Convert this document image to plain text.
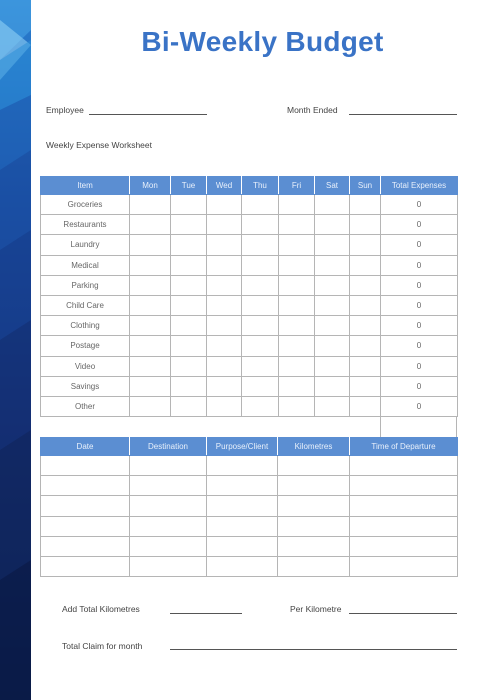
Bi-Weekly Budget
Employee	Month Ended
Weekly Expense Worksheet
Item	Mon	Tue	Wed	Thu	Fri	Sat	Sun	Total Expenses
Groceries								0
Restaurants								0
Laundry								0
Medical								0
Parking								0
Child Care								0
Clothing								0
Postage								0
Video								0
Savings								0
Other								0
Date	Destination	Purpose/Client	Kilometres	Time of Departure

Add Total Kilometres	Per Kilometre
Total Claim for month
